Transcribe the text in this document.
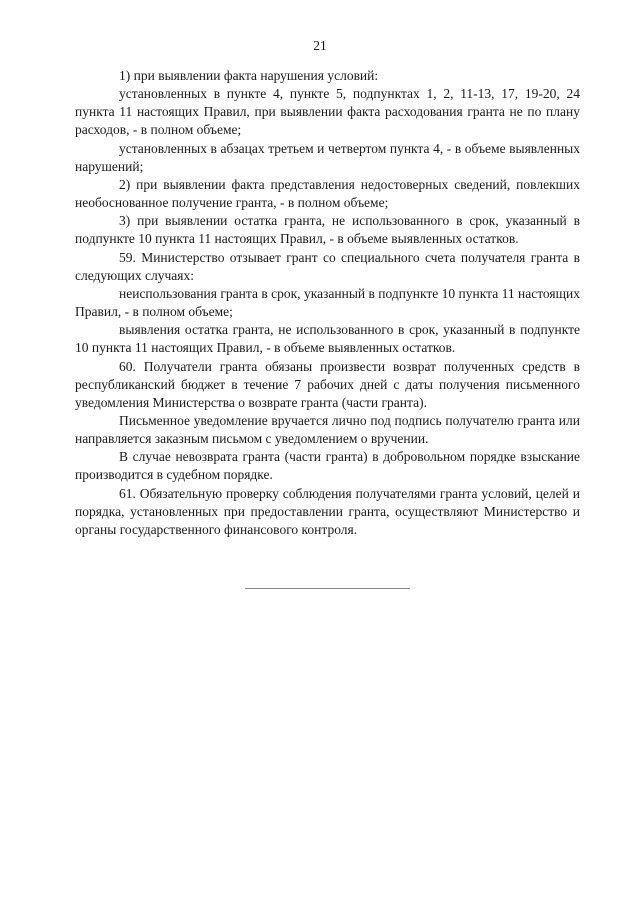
21

1) при выявлении факта нарушения условий:

установленных в пункте 4, пункте 5, подпунктах 1, 2, 11-13, 17, 19-20, 24 пункта 11 настоящих Правил, при выявлении факта расходования гранта не по плану расходов, - в полном объеме;

установленных в абзацах третьем и четвертом пункта 4, - в объеме выявленных нарушений;

2) при выявлении факта представления недостоверных сведений, повлекших необоснованное получение гранта, - в полном объеме;

3) при выявлении остатка гранта, не использованного в срок, указанный в подпункте 10 пункта 11 настоящих Правил, - в объеме выявленных остатков.

59. Министерство отзывает грант со специального счета получателя гранта в следующих случаях:

неиспользования гранта в срок, указанный в подпункте 10 пункта 11 настоящих Правил, - в полном объеме;

выявления остатка гранта, не использованного в срок, указанный в подпункте 10 пункта 11 настоящих Правил, - в объеме выявленных остатков.

60. Получатели гранта обязаны произвести возврат полученных средств в республиканский бюджет в течение 7 рабочих дней с даты получения письменного уведомления Министерства о возврате гранта (части гранта).

Письменное уведомление вручается лично под подпись получателю гранта или направляется заказным письмом с уведомлением о вручении.

В случае невозврата гранта (части гранта) в добровольном порядке взыскание производится в судебном порядке.

61. Обязательную проверку соблюдения получателями гранта условий, целей и порядка, установленных при предоставлении гранта, осуществляют Министерство и органы государственного финансового контроля.
